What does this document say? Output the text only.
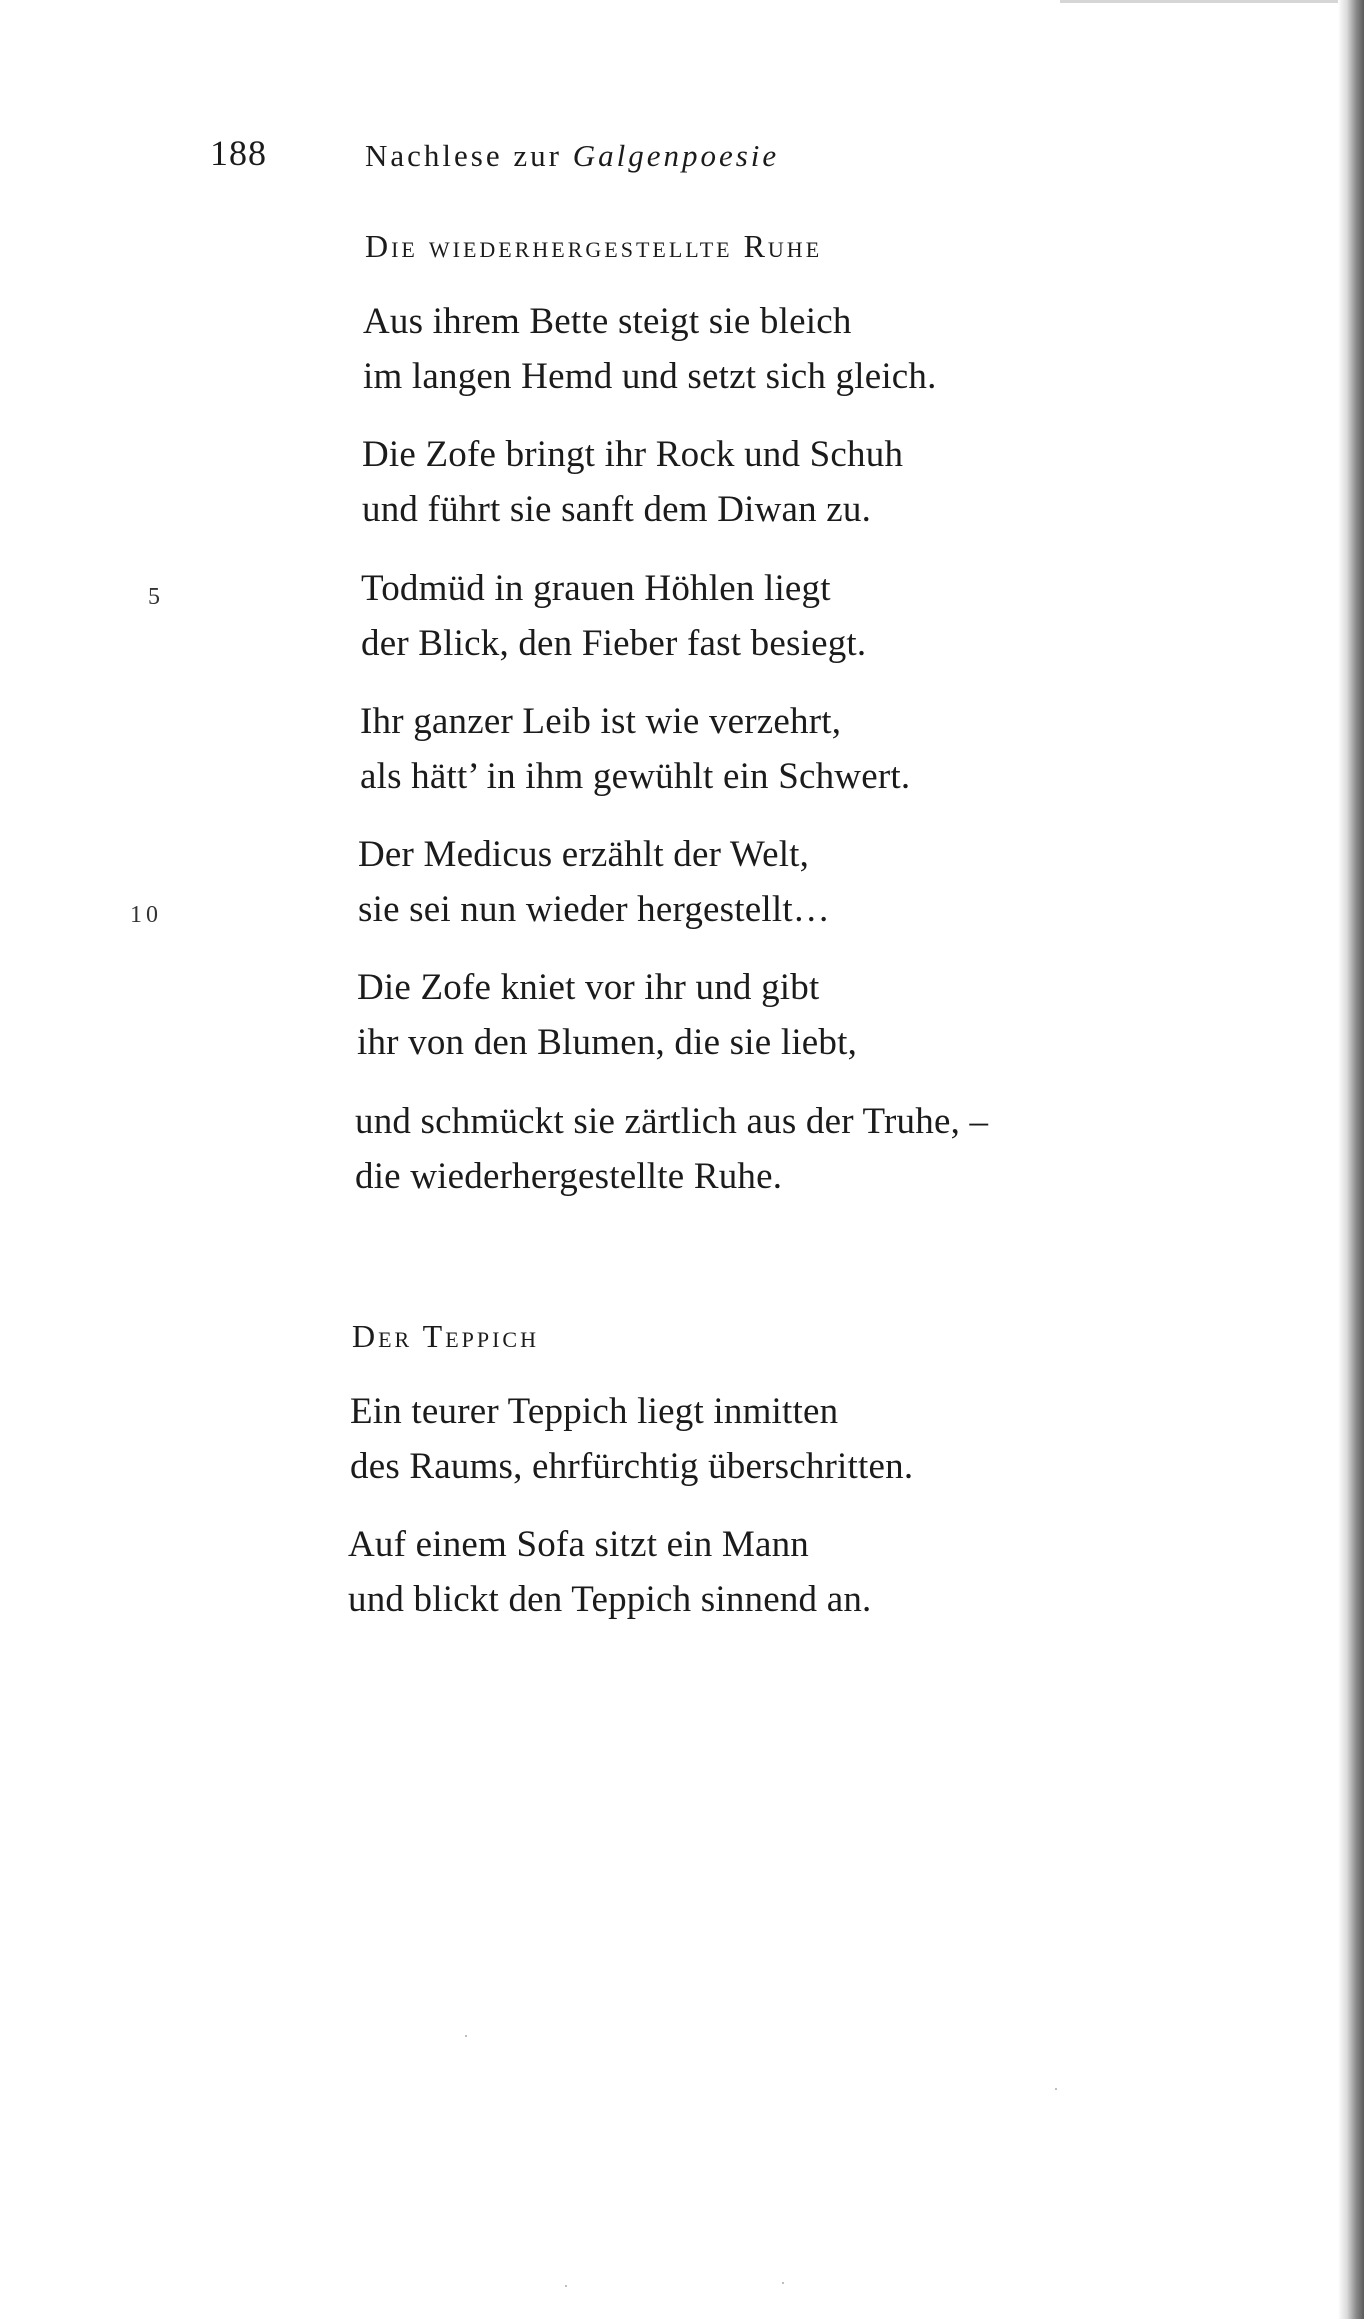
188	Nachlese zur Galgenpoesie
Die wiederhergestellte Ruhe
Aus ihrem Bette steigt sie bleich
im langen Hemd und setzt sich gleich.
Die Zofe bringt ihr Rock und Schuh
und führt sie sanft dem Diwan zu.
5	Todmüd in grauen Höhlen liegt
der Blick, den Fieber fast besiegt.
Ihr ganzer Leib ist wie verzehrt,
als hätt’ in ihm gewühlt ein Schwert.
Der Medicus erzählt der Welt,
10	sie sei nun wieder hergestellt…
Die Zofe kniet vor ihr und gibt
ihr von den Blumen, die sie liebt,
und schmückt sie zärtlich aus der Truhe, –
die wiederhergestellte Ruhe.
Der Teppich
Ein teurer Teppich liegt inmitten
des Raums, ehrfürchtig überschritten.
Auf einem Sofa sitzt ein Mann
und blickt den Teppich sinnend an.
